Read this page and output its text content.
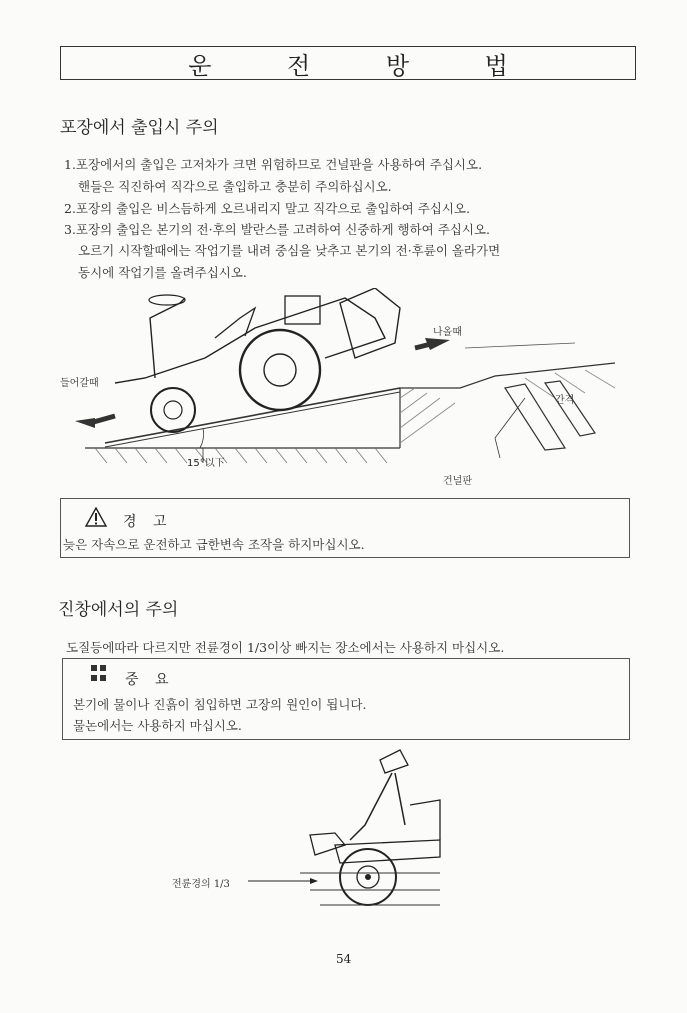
운 전 방 법
포장에서 출입시 주의
1.포장에서의 출입은 고저차가 크면 위험하므로 건널판을 사용하여 주십시오.
핸들은 직진하여 직각으로 출입하고 충분히 주의하십시오.
2.포장의 출입은 비스듬하게 오르내리지 말고 직각으로 출입하여 주십시오.
3.포장의 출입은 본기의 전·후의 발란스를 고려하여 신중하게 행하여 주십시오.
오르기 시작할때에는 작업기를 내려 중심을 낮추고 본기의 전·후륜이 올라가면
동시에 작업기를 올려주십시오.
나올때
들어갈때
15°以下
건널판
간격
경 고
늦은 자속으로 운전하고 급한변속 조작을 하지마십시오.
진창에서의 주의
도질등에따라 다르지만 전륜경이 1/3이상 빠지는 장소에서는 사용하지 마십시오.
중 요
본기에 물이나 진흙이 침입하면 고장의 원인이 됩니다.
물논에서는 사용하지 마십시오.
전륜경의 1/3
54
